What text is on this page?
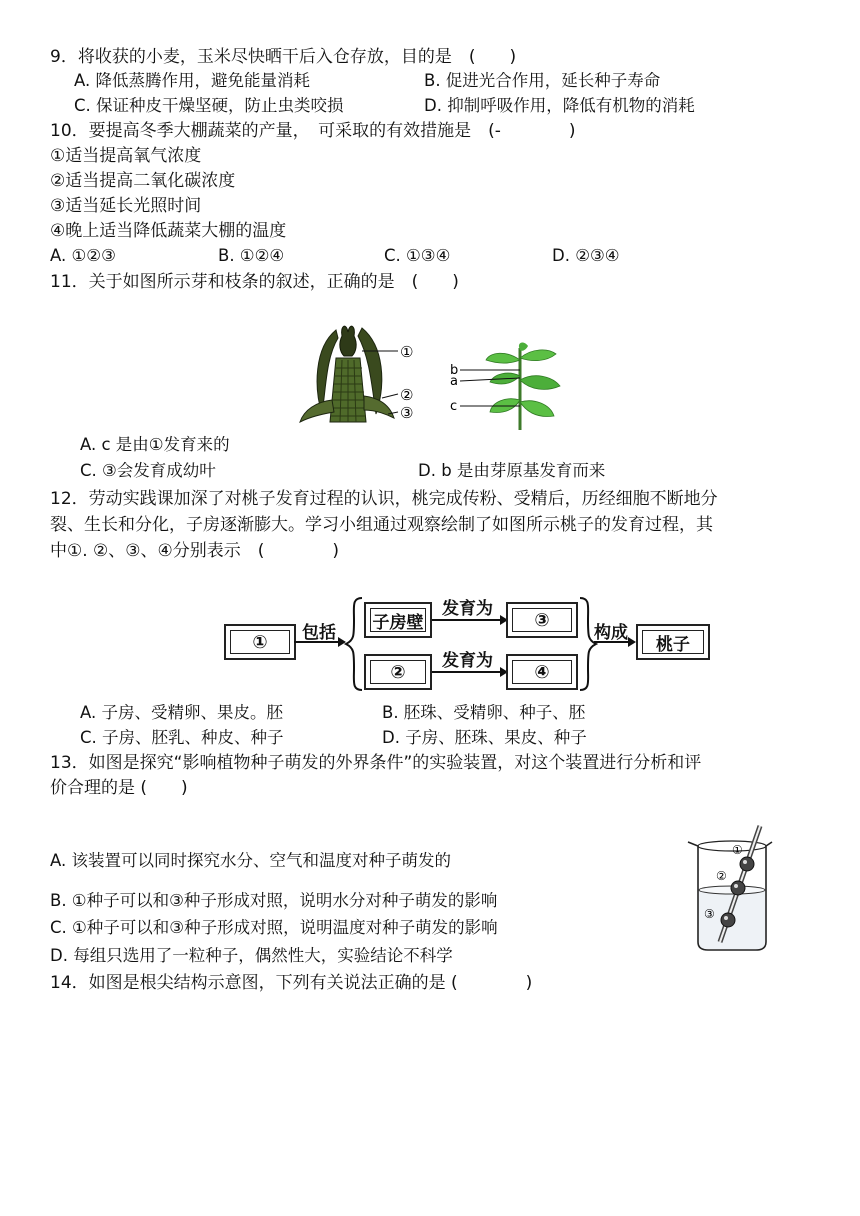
9．将收获的小麦，玉米尽快晒干后入仓存放，目的是　(　　)
A. 降低蒸腾作用，避免能量消耗	B. 促进光合作用，延长种子寿命
C. 保证种皮干燥坚硬，防止虫类咬损	D. 抑制呼吸作用，降低有机物的消耗
10．要提高冬季大棚蔬菜的产量，　可采取的有效措施是　(-　　　　)
①适当提高氧气浓度
②适当提高二氧化碳浓度
③适当延长光照时间
④晚上适当降低蔬菜大棚的温度
A. ①②③	B. ①②④	C. ①③④	D. ②③④
11．关于如图所示芽和枝条的叙述，正确的是　(　　)
①
②
③
b
a
c
A. c 是由①发育来的
C. ③会发育成幼叶	D. b 是由芽原基发育而来
12．劳动实践课加深了对桃子发育过程的认识，桃完成传粉、受精后，历经细胞不断地分
裂、生长和分化，子房逐渐膨大。学习小组通过观察绘制了如图所示桃子的发育过程，其
中①. ②、③、④分别表示　(　　　　)
① 包括
子房壁
②
发育为
发育为
③
④
构成
桃子
A. 子房、受精卵、果皮。胚	B. 胚珠、受精卵、种子、胚
C. 子房、胚乳、种皮、种子	D. 子房、胚珠、果皮、种子
13．如图是探究“影响植物种子萌发的外界条件”的实验装置，对这个装置进行分析和评
价合理的是 (　　)
A. 该装置可以同时探究水分、空气和温度对种子萌发的
B. ①种子可以和③种子形成对照，说明水分对种子萌发的影响
C. ①种子可以和③种子形成对照，说明温度对种子萌发的影响
D. 每组只选用了一粒种子，偶然性大，实验结论不科学
①
②
③
14．如图是根尖结构示意图，下列有关说法正确的是 (　　　　)
